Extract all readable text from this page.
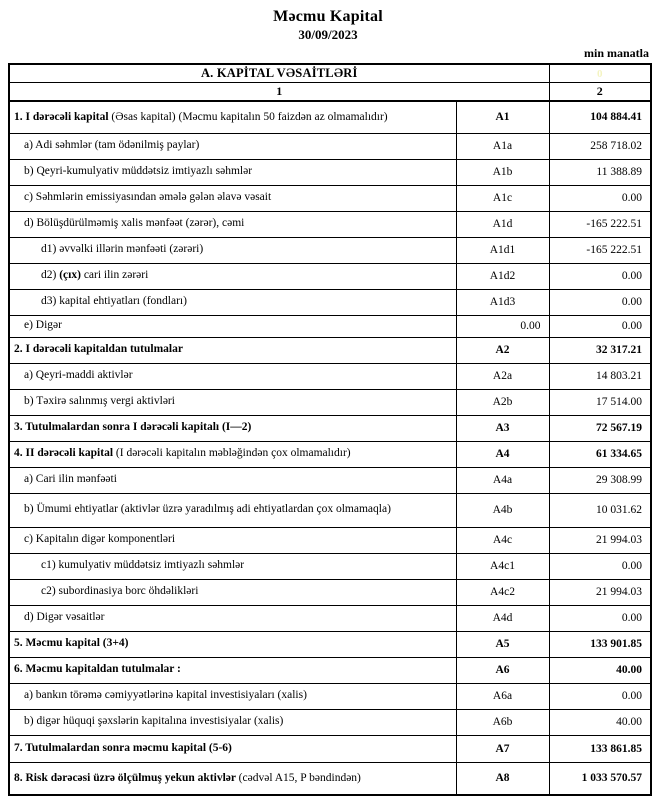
Məcmu Kapital
30/09/2023
min manatla
A. KAPİTAL VƏSAİTLƏRİ		0
1		2
1. I dərəcəli kapital (Əsas kapital) (Məcmu kapitalın 50 faizdən az olmamalıdır)	A1	104 884.41
a) Adi səhmlər (tam ödənilmiş paylar)	A1a	258 718.02
b) Qeyri-kumulyativ müddətsiz imtiyazlı səhmlər	A1b	11 388.89
c) Səhmlərin emissiyasından əmələ gələn əlavə vəsait	A1c	0.00
d) Bölüşdürülməmiş xalis mənfəət (zərər), cəmi	A1d	-165 222.51
d1) əvvəlki illərin mənfəəti (zərəri)	A1d1	-165 222.51
d2) (çıx) cari ilin zərəri	A1d2	0.00
d3) kapital ehtiyatları (fondları)	A1d3	0.00
e) Digər	0.00	0.00
2. I dərəcəli kapitaldan tutulmalar	A2	32 317.21
a) Qeyri-maddi aktivlər	A2a	14 803.21
b) Təxirə salınmış vergi aktivləri	A2b	17 514.00
3. Tutulmalardan sonra I dərəcəli kapitalı (I—2)	A3	72 567.19
4. II dərəcəli kapital (I dərəcəli kapitalın məbləğindən çox olmamalıdır)	A4	61 334.65
a) Cari ilin mənfəəti	A4a	29 308.99
b) Ümumi ehtiyatlar (aktivlər üzrə yaradılmış adi ehtiyatlardan çox olmamaqla)	A4b	10 031.62
c) Kapitalın digər komponentləri	A4c	21 994.03
c1) kumulyativ müddətsiz imtiyazlı səhmlər	A4c1	0.00
c2) subordinasiya borc öhdəlikləri	A4c2	21 994.03
d) Digər vəsaitlər	A4d	0.00
5. Məcmu kapital (3+4)	A5	133 901.85
6. Məcmu kapitaldan tutulmalar :	A6	40.00
a) bankın törəmə cəmiyyətlərinə kapital investisiyaları (xalis)	A6a	0.00
b) digər hüquqi şəxslərin kapitalına investisiyalar (xalis)	A6b	40.00
7. Tutulmalardan sonra məcmu kapital (5-6)	A7	133 861.85
8. Risk dərəcəsi üzrə ölçülmuş yekun aktivlər (cədvəl A15, P bəndindən)	A8	1 033 570.57
